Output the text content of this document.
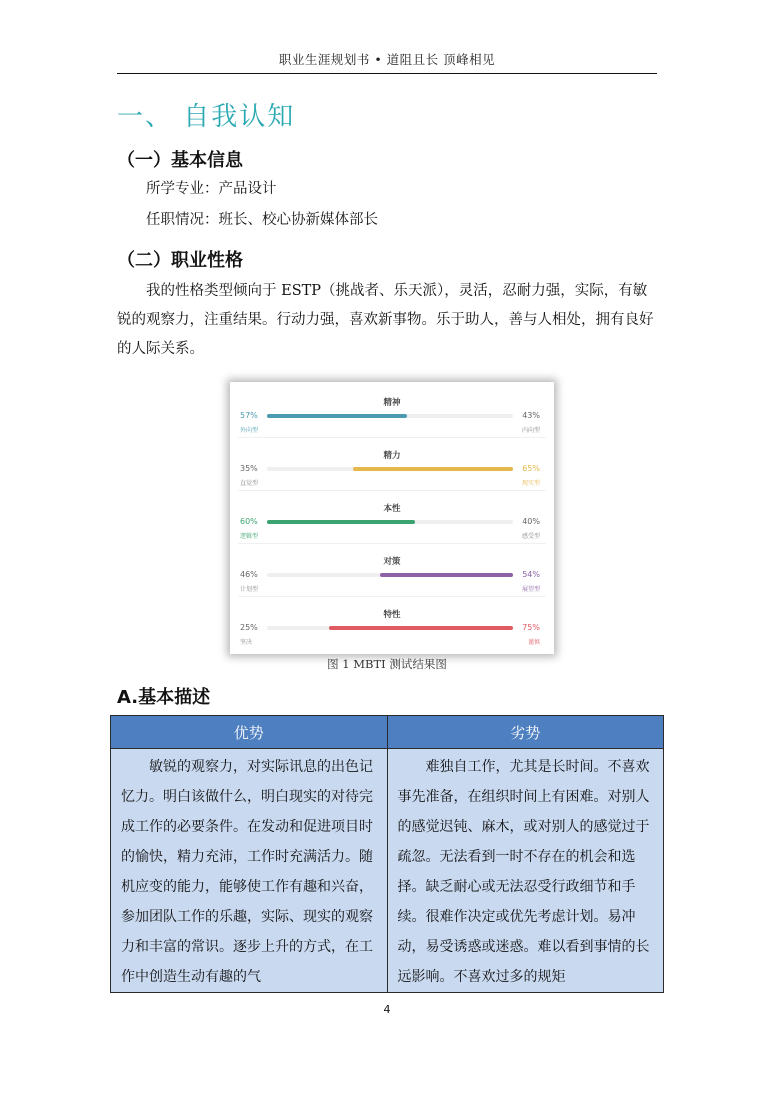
职业生涯规划书 • 道阻且长 顶峰相见
一、 自我认知
（一）基本信息
所学专业：产品设计
任职情况：班长、校心协新媒体部长
（二）职业性格
我的性格类型倾向于 ESTP（挑战者、乐天派），灵活，忍耐力强，实际，有敏锐的观察力，注重结果。行动力强，喜欢新事物。乐于助人，善与人相处，拥有良好的人际关系。
精神
57%	43%
外向型	内向型
精力
35%	65%
直觉型	现实型
本性
60%	40%
逻辑型	感受型
对策
46%	54%
计划型	展望型
特性
25%	75%
坚决	谨慎
图 1 MBTI 测试结果图
A.基本描述
优势	劣势
敏锐的观察力，对实际讯息的出色记忆力。明白该做什么，明白现实的对待完成工作的必要条件。在发动和促进项目时的愉快，精力充沛，工作时充满活力。随机应变的能力，能够使工作有趣和兴奋，参加团队工作的乐趣，实际、现实的观察力和丰富的常识。逐步上升的方式，在工作中创造生动有趣的气	难独自工作，尤其是长时间。不喜欢事先准备，在组织时间上有困难。对别人的感觉迟钝、麻木，或对别人的感觉过于疏忽。无法看到一时不存在的机会和选择。缺乏耐心或无法忍受行政细节和手续。很难作决定或优先考虑计划。易冲动，易受诱惑或迷惑。难以看到事情的长远影响。不喜欢过多的规矩
4
